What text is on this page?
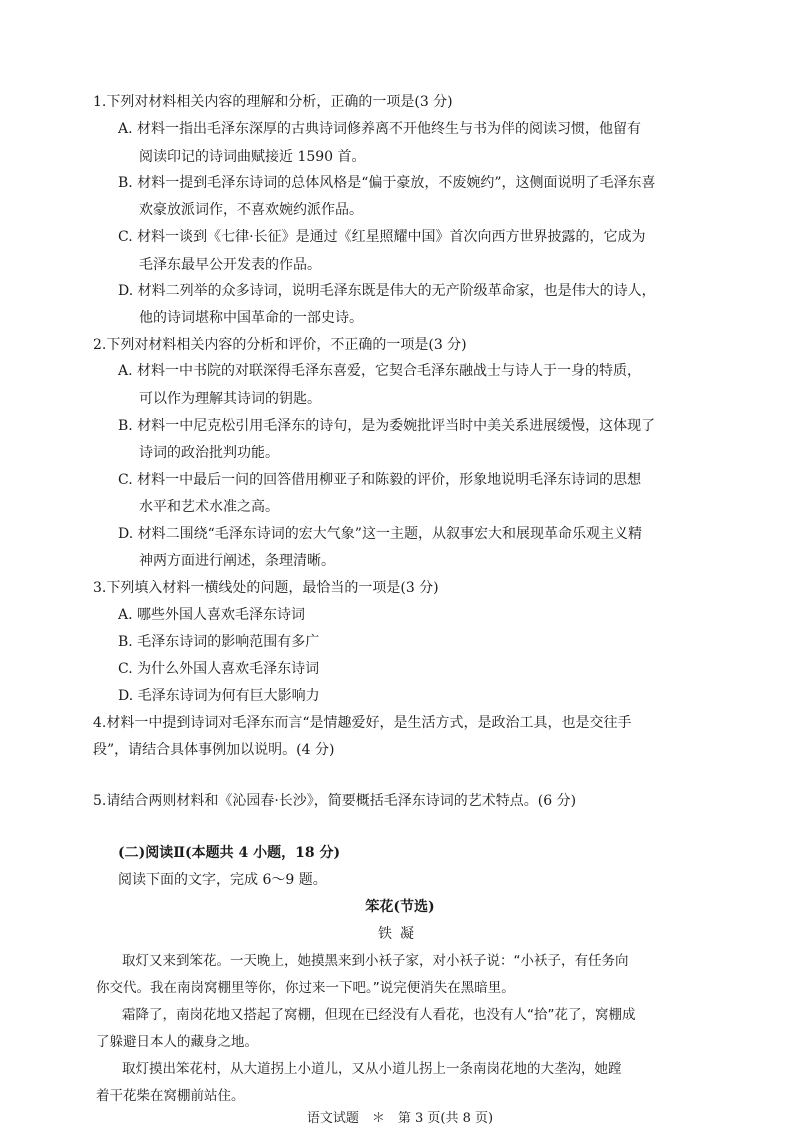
1.下列对材料相关内容的理解和分析，正确的一项是(3 分)
A. 材料一指出毛泽东深厚的古典诗词修养离不开他终生与书为伴的阅读习惯，他留有
阅读印记的诗词曲赋接近 1590 首。
B. 材料一提到毛泽东诗词的总体风格是“偏于豪放，不废婉约”，这侧面说明了毛泽东喜
欢豪放派词作，不喜欢婉约派作品。
C. 材料一谈到《七律·长征》是通过《红星照耀中国》首次向西方世界披露的，它成为
毛泽东最早公开发表的作品。
D. 材料二列举的众多诗词，说明毛泽东既是伟大的无产阶级革命家，也是伟大的诗人，
他的诗词堪称中国革命的一部史诗。
2.下列对材料相关内容的分析和评价，不正确的一项是(3 分)
A. 材料一中书院的对联深得毛泽东喜爱，它契合毛泽东融战士与诗人于一身的特质，
可以作为理解其诗词的钥匙。
B. 材料一中尼克松引用毛泽东的诗句，是为委婉批评当时中美关系进展缓慢，这体现了
诗词的政治批判功能。
C. 材料一中最后一问的回答借用柳亚子和陈毅的评价，形象地说明毛泽东诗词的思想
水平和艺术水准之高。
D. 材料二围绕“毛泽东诗词的宏大气象”这一主题，从叙事宏大和展现革命乐观主义精
神两方面进行阐述，条理清晰。
3.下列填入材料一横线处的问题，最恰当的一项是(3 分)
A. 哪些外国人喜欢毛泽东诗词
B. 毛泽东诗词的影响范围有多广
C. 为什么外国人喜欢毛泽东诗词
D. 毛泽东诗词为何有巨大影响力
4.材料一中提到诗词对毛泽东而言“是情趣爱好，是生活方式，是政治工具，也是交往手
段”，请结合具体事例加以说明。(4 分)
5.请结合两则材料和《沁园春·长沙》，简要概括毛泽东诗词的艺术特点。(6 分)
(二)阅读Ⅱ(本题共 4 小题，18 分)
阅读下面的文字，完成 6～9 题。
笨花(节选)
铁凝
取灯又来到笨花。一天晚上，她摸黑来到小袄子家，对小袄子说：“小袄子，有任务向
你交代。我在南岗窝棚里等你，你过来一下吧。”说完便消失在黑暗里。
霜降了，南岗花地又搭起了窝棚，但现在已经没有人看花，也没有人“拾”花了，窝棚成
了躲避日本人的藏身之地。
取灯摸出笨花村，从大道拐上小道儿，又从小道儿拐上一条南岗花地的大垄沟，她蹚
着干花柴在窝棚前站住。
语文试题　＊　第 3 页(共 8 页)
